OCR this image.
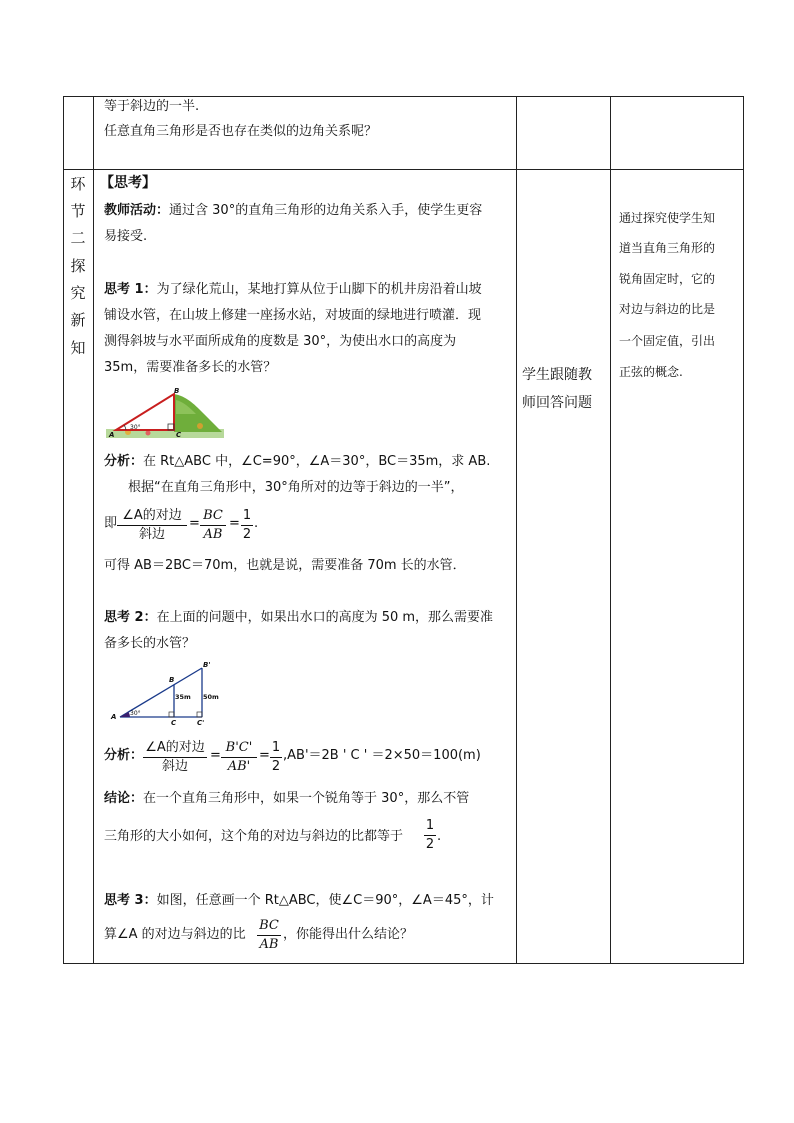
等于斜边的一半.
任意直角三角形是否也存在类似的边角关系呢？
环
节
二
探
究
新
知
【思考】
教师活动：通过含 30°的直角三角形的边角关系入手，使学生更容
易接受.
思考 1：为了绿化荒山，某地打算从位于山脚下的机井房沿着山坡
铺设水管，在山坡上修建一座扬水站，对坡面的绿地进行喷灌．现
测得斜坡与水平面所成角的度数是 30°，为使出水口的高度为
35m，需要准备多长的水管？
B
A	C
30°
分析：在 Rt△ABC 中，∠C=90°，∠A＝30°，BC＝35m，求 AB.
根据“在直角三角形中，30°角所对的边等于斜边的一半”，
即
∠A的对边
斜边
=
BC
AB
=
1
2
.
可得 AB＝2BC＝70m，也就是说，需要准备 70m 长的水管．
思考 2：在上面的问题中，如果出水口的高度为 50 m，那么需要准
备多长的水管？
B'
B
A
C	C'
35m 50m
30°
分析：
∠A的对边
斜边
=
B'C'
AB'
=
1
2
,AB'＝2B ' C ' ＝2×50＝100(m)
结论：在一个直角三角形中，如果一个锐角等于 30°，那么不管
三角形的大小如何，这个角的对边与斜边的比都等于
1
2
.
思考 3：如图，任意画一个 Rt△ABC，使∠C＝90°，∠A＝45°，计
算∠A 的对边与斜边的比
BC
AB
，你能得出什么结论？
学生跟随教
师回答问题
通过探究使学生知
道当直角三角形的
锐角固定时，它的
对边与斜边的比是
一个固定值，引出
正弦的概念.
